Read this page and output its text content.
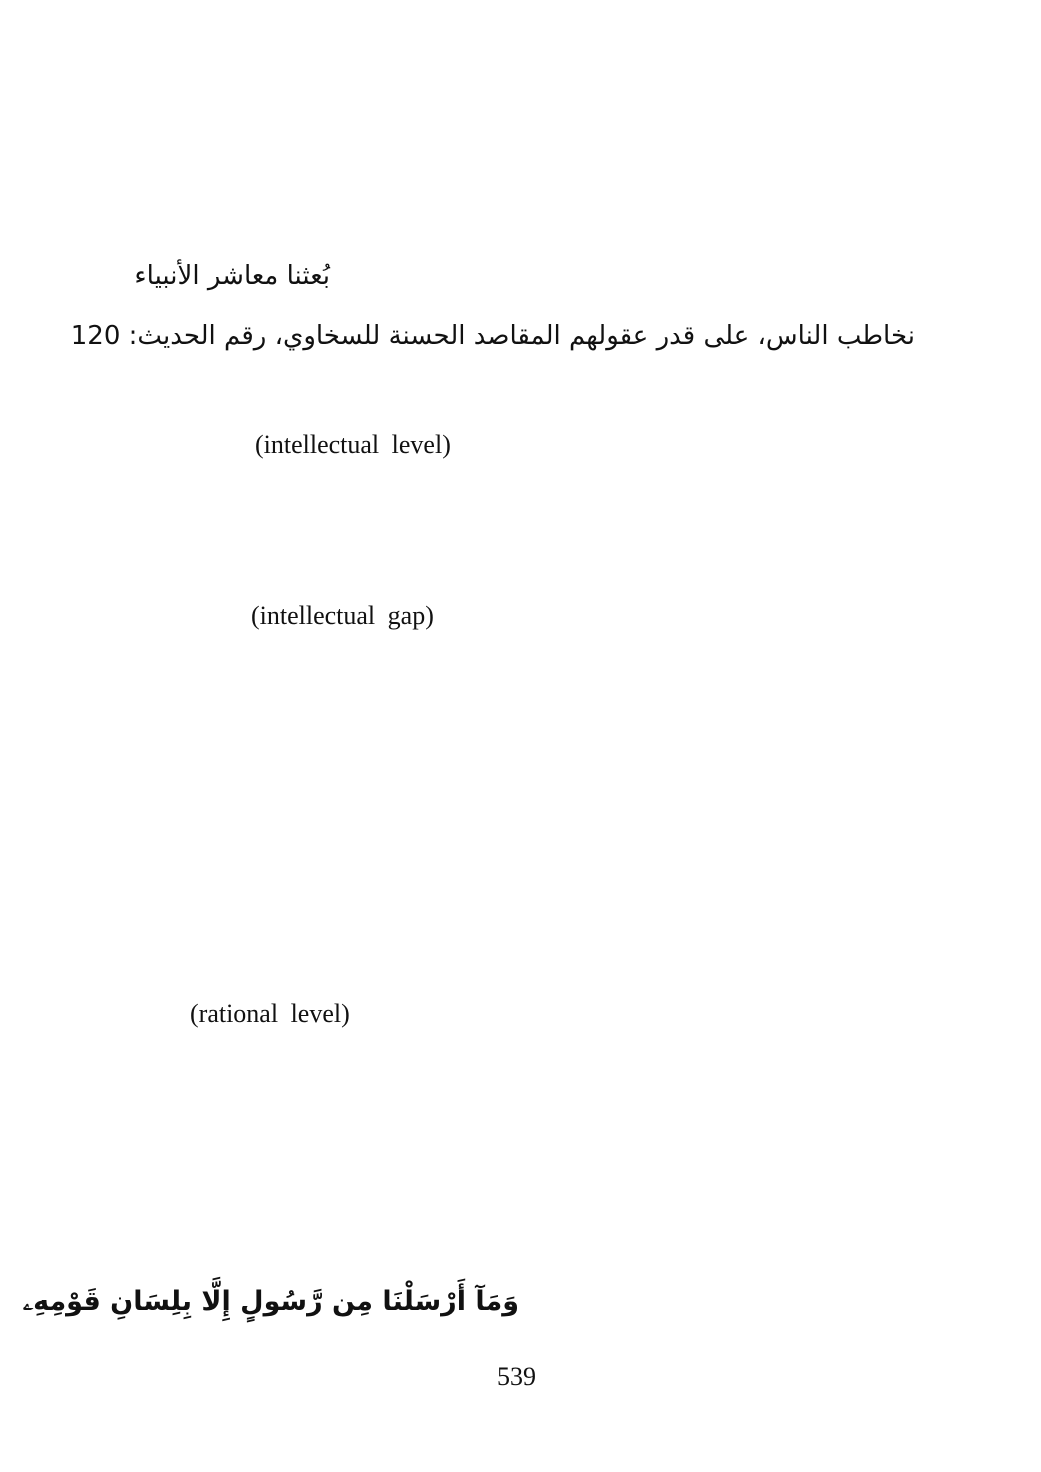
بُعثنا معاشر الأنبياء
نخاطب الناس، على قدر عقولهم المقاصد الحسنة للسخاوي، رقم الحديث: 120
(intellectual level)
(intellectual gap)
(rational level)
وَمَآ أَرْسَلْنَا مِن رَّسُولٍ إِلَّا بِلِسَانِ قَوْمِهِۦ
539
